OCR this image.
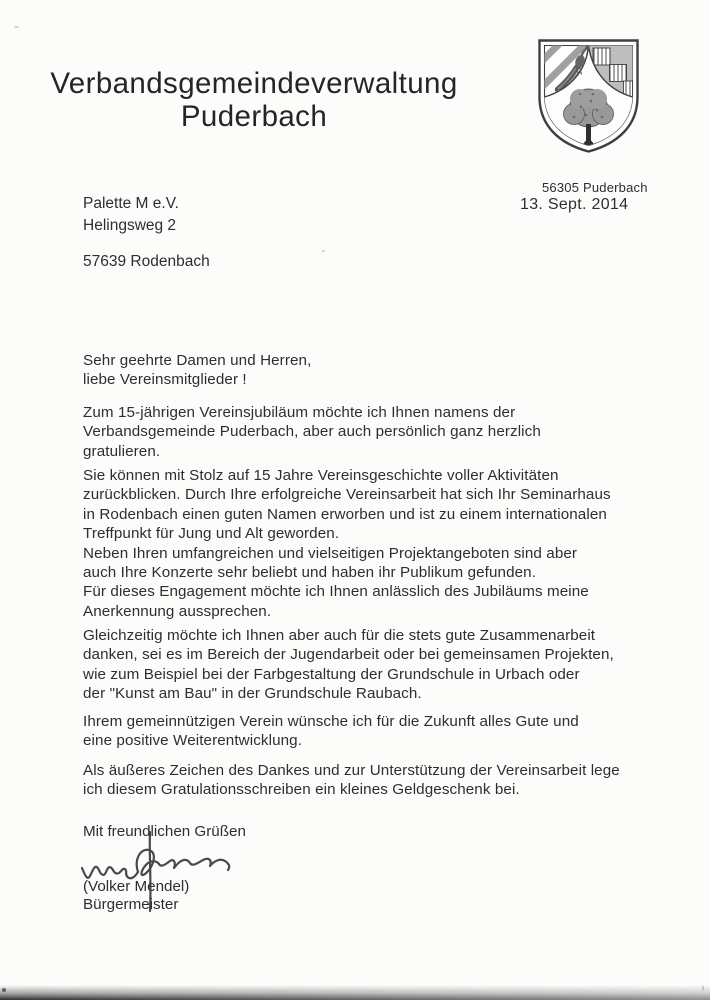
Verbandsgemeindeverwaltung
Puderbach
56305 Puderbach
13. Sept. 2014
Palette M e.V.
Helingsweg 2
57639 Rodenbach
Sehr geehrte Damen und Herren,
liebe Vereinsmitglieder !
Zum 15-jährigen Vereinsjubiläum möchte ich Ihnen namens der
Verbandsgemeinde Puderbach, aber auch persönlich ganz herzlich
gratulieren.
Sie können mit Stolz auf 15 Jahre Vereinsgeschichte voller Aktivitäten
zurückblicken. Durch Ihre erfolgreiche Vereinsarbeit hat sich Ihr Seminarhaus
in Rodenbach einen guten Namen erworben und ist zu einem internationalen
Treffpunkt für Jung und Alt geworden.
Neben Ihren umfangreichen und vielseitigen Projektangeboten sind aber
auch Ihre Konzerte sehr beliebt und haben ihr Publikum gefunden.
Für dieses Engagement möchte ich Ihnen anlässlich des Jubiläums meine
Anerkennung aussprechen.
Gleichzeitig möchte ich Ihnen aber auch für die stets gute Zusammenarbeit
danken, sei es im Bereich der Jugendarbeit oder bei gemeinsamen Projekten,
wie zum Beispiel bei der Farbgestaltung der Grundschule in Urbach oder
der "Kunst am Bau" in der Grundschule Raubach.
Ihrem gemeinnützigen Verein wünsche ich für die Zukunft alles Gute und
eine positive Weiterentwicklung.
Als äußeres Zeichen des Dankes und zur Unterstützung der Vereinsarbeit lege
ich diesem Gratulationsschreiben ein kleines Geldgeschenk bei.
Mit freundlichen Grüßen
(Volker Mendel)
Bürgermeister
